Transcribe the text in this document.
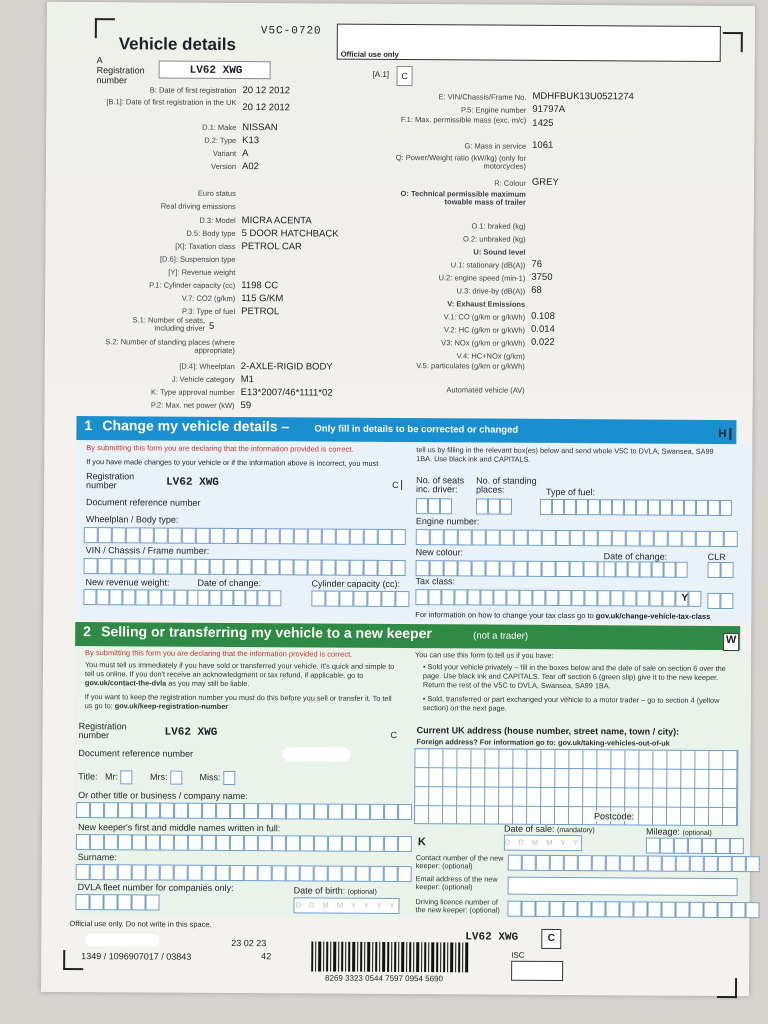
V5C-0720
Vehicle details
Official use only
A Registration number
LV62 XWG	[A.1]	C
B: Date of first registration 20 12 2012
[B.1]: Date of first registration in the UK 20 12 2012
D.1: Make NISSAN
D.2: Type K13
Variant A
Version A02
Euro status
Real driving emissions
D.3: Model MICRA ACENTA
D.5: Body type 5 DOOR HATCHBACK
[X]: Taxation class PETROL CAR
[D.6]: Suspension type
[Y]: Revenue weight
P.1: Cylinder capacity (cc) 1198 CC
V.7: CO2 (g/km) 115 G/KM
P.3: Type of fuel PETROL
S.1: Number of seats, including driver 5
S.2: Number of standing places (where appropriate)
[D.4]: Wheelplan 2-AXLE-RIGID BODY
J: Vehicle category M1
K: Type approval number E13*2007/46*1111*02
P.2: Max. net power (kW) 59
E: VIN/Chassis/Frame No. MDHFBUK13U0521274
P.5: Engine number 91797A
F.1: Max. permissible mass (exc. m/c) 1425
G: Mass in service 1061
Q: Power/Weight ratio (kW/kg) (only for motorcycles)
R: Colour GREY
O: Technical permissible maximum towable mass of trailer
O.1: braked (kg)
O.2: unbraked (kg)
U: Sound level
U.1: stationary (dB(A)) 76
U.2: engine speed (min-1) 3750
U.3: drive-by (dB(A)) 68
V: Exhaust Emissions
V.1: CO (g/km or g/kWh) 0.108
V.2: HC (g/km or g/kWh) 0.014
V3: NOx (g/km or g/kWh) 0.022
V.4: HC+NOx (g/km)
V.5: particulates (g/km or g/kWh)
Automated vehicle (AV)
1 Change my vehicle details –	Only fill in details to be corrected or changed	H
By submitting this form you are declaring that the information provided is correct.
If you have made changes to your vehicle or if the information above is incorrect, you must
tell us by filling in the relevant box(es) below and send whole V5C to DVLA, Swansea, SA99 1BA. Use black ink and CAPITALS.
Registration number	LV62 XWG	C
Document reference number
No. of seats inc. driver:
No. of standing places:	Type of fuel:
Wheelplan / Body type:	Engine number:
VIN / Chassis / Frame number:	New colour:	Date of change:	CLR
New revenue weight:	Date of change:	Cylinder capacity (cc): Tax class:
Y
For information on how to change your tax class go to gov.uk/change-vehicle-tax-class
2 Selling or transferring my vehicle to a new keeper	(not a trader)	W
By submitting this form you are declaring that the information provided is correct.
You must tell us immediately if you have sold or transferred your vehicle. It's quick and simple to tell us online. If you don't receive an acknowledgment or tax refund, if applicable, go to gov.uk/contact-the-dvla as you may still be liable.
If you want to keep the registration number you must do this before you sell or transfer it. To tell us go to: gov.uk/keep-registration-number
You can use this form to tell us if you have:
• Sold your vehicle privately – fill in the boxes below and the date of sale on section 6 over the page. Use black ink and CAPITALS. Tear off section 6 (green slip) give it to the new keeper. Return the rest of the V5C to DVLA, Swansea, SA99 1BA.
• Sold, transferred or part exchanged your vehicle to a motor trader – go to section 4 (yellow section) on the next page.
Registration number	LV62 XWG	C
Document reference number
Title: Mr:	Mrs:	Miss:
Or other title or business / company name:
New keeper's first and middle names written in full:
Surname:
DVLA fleet number for companies only:	Date of birth: (optional)
D D M M Y Y Y Y
Current UK address (house number, street name, town / city):
Foreign address? For information go to: gov.uk/taking-vehicles-out-of-uk
Postcode:
K
Date of sale: (mandatory)
D D M M Y Y
Mileage: (optional)
Contact number of the new keeper: (optional)
Email address of the new keeper: (optional)
Driving licence number of the new keeper: (optional)
Official use only. Do not write in this space.
23 02 23
42
1349 / 1096907017 / 03843
8269 3323 0544 7597 0954 5690
LV62 XWG	C
ISC
